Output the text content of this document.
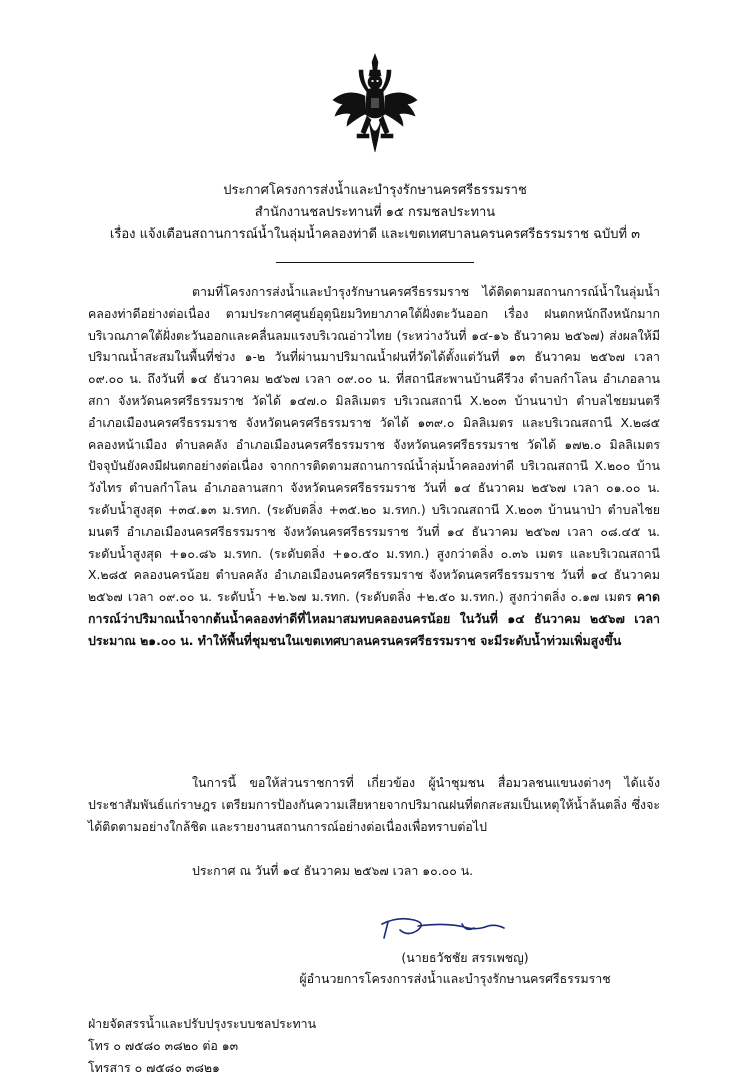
ประกาศโครงการส่งน้ำและบำรุงรักษานครศรีธรรมราช
สำนักงานชลประทานที่ ๑๕ กรมชลประทาน
เรื่อง แจ้งเตือนสถานการณ์น้ำในลุ่มน้ำคลองท่าดี และเขตเทศบาลนครนครศรีธรรมราช ฉบับที่ ๓
ตามที่โครงการส่งน้ำและบำรุงรักษานครศรีธรรมราช ได้ติดตามสถานการณ์น้ำในลุ่มน้ำคลองท่าดีอย่างต่อเนื่อง ตามประกาศศูนย์อุตุนิยมวิทยาภาคใต้ฝั่งตะวันออก เรื่อง ฝนตกหนักถึงหนักมากบริเวณภาคใต้ฝั่งตะวันออกและคลื่นลมแรงบริเวณอ่าวไทย (ระหว่างวันที่ ๑๔-๑๖ ธันวาคม ๒๕๖๗) ส่งผลให้มีปริมาณน้ำสะสมในพื้นที่ช่วง ๑-๒ วันที่ผ่านมาปริมาณน้ำฝนที่วัดได้ตั้งแต่วันที่ ๑๓ ธันวาคม ๒๕๖๗ เวลา ๐๙.๐๐ น. ถึงวันที่ ๑๔ ธันวาคม ๒๕๖๗ เวลา ๐๙.๐๐ น. ที่สถานีสะพานบ้านคีรีวง ตำบลกำโลน อำเภอลานสกา จังหวัดนครศรีธรรมราช วัดได้ ๑๔๗.๐ มิลลิเมตร บริเวณสถานี X.๒๐๓ บ้านนาป่า ตำบลไชยมนตรี อำเภอเมืองนครศรีธรรมราช จังหวัดนครศรีธรรมราช วัดได้ ๑๓๙.๐ มิลลิเมตร และบริเวณสถานี X.๒๘๕ คลองหน้าเมือง ตำบลคลัง อำเภอเมืองนครศรีธรรมราช จังหวัดนครศรีธรรมราช วัดได้ ๑๗๒.๐ มิลลิเมตร ปัจจุบันยังคงมีฝนตกอย่างต่อเนื่อง จากการติดตามสถานการณ์น้ำลุ่มน้ำคลองท่าดี บริเวณสถานี X.๒๐๐ บ้านวังไทร ตำบลกำโลน อำเภอลานสกา จังหวัดนครศรีธรรมราช วันที่ ๑๔ ธันวาคม ๒๕๖๗ เวลา ๐๑.๐๐ น. ระดับน้ำสูงสุด +๓๔.๑๓ ม.รทก. (ระดับตลิ่ง +๓๕.๒๐ ม.รทก.) บริเวณสถานี X.๒๐๓ บ้านนาป่า ตำบลไชยมนตรี อำเภอเมืองนครศรีธรรมราช จังหวัดนครศรีธรรมราช วันที่ ๑๔ ธันวาคม ๒๕๖๗ เวลา ๐๘.๔๕ น. ระดับน้ำสูงสุด +๑๐.๘๖ ม.รทก. (ระดับตลิ่ง +๑๐.๕๐ ม.รทก.) สูงกว่าตลิ่ง ๐.๓๖ เมตร และบริเวณสถานี X.๒๘๕ คลองนครน้อย ตำบลคลัง อำเภอเมืองนครศรีธรรมราช จังหวัดนครศรีธรรมราช วันที่ ๑๔ ธันวาคม ๒๕๖๗ เวลา ๐๙.๐๐ น. ระดับน้ำ +๒.๖๗ ม.รทก. (ระดับตลิ่ง +๒.๕๐ ม.รทก.) สูงกว่าตลิ่ง ๐.๑๗ เมตร คาดการณ์ว่าปริมาณน้ำจากต้นน้ำคลองท่าดีที่ไหลมาสมทบคลองนครน้อย ในวันที่ ๑๔ ธันวาคม ๒๕๖๗ เวลาประมาณ ๒๑.๐๐ น. ทำให้พื้นที่ชุมชนในเขตเทศบาลนครนครศรีธรรมราช จะมีระดับน้ำท่วมเพิ่มสูงขึ้น
ในการนี้ ขอให้ส่วนราชการที่ เกี่ยวข้อง ผู้นำชุมชน สื่อมวลชนแขนงต่างๆ ได้แจ้งประชาสัมพันธ์แก่ราษฎร เตรียมการป้องกันความเสียหายจากปริมาณฝนที่ตกสะสมเป็นเหตุให้น้ำล้นตลิ่ง ซึ่งจะได้ติดตามอย่างใกล้ชิด และรายงานสถานการณ์อย่างต่อเนื่องเพื่อทราบต่อไป
ประกาศ ณ วันที่ ๑๔ ธันวาคม ๒๕๖๗ เวลา ๑๐.๐๐ น.
(นายธวัชชัย สรรเพชญ)
ผู้อำนวยการโครงการส่งน้ำและบำรุงรักษานครศรีธรรมราช
ฝ่ายจัดสรรน้ำและปรับปรุงระบบชลประทาน
โทร ๐ ๗๕๘๐ ๓๘๒๐ ต่อ ๑๓
โทรสาร ๐ ๗๕๘๐ ๓๘๒๑
